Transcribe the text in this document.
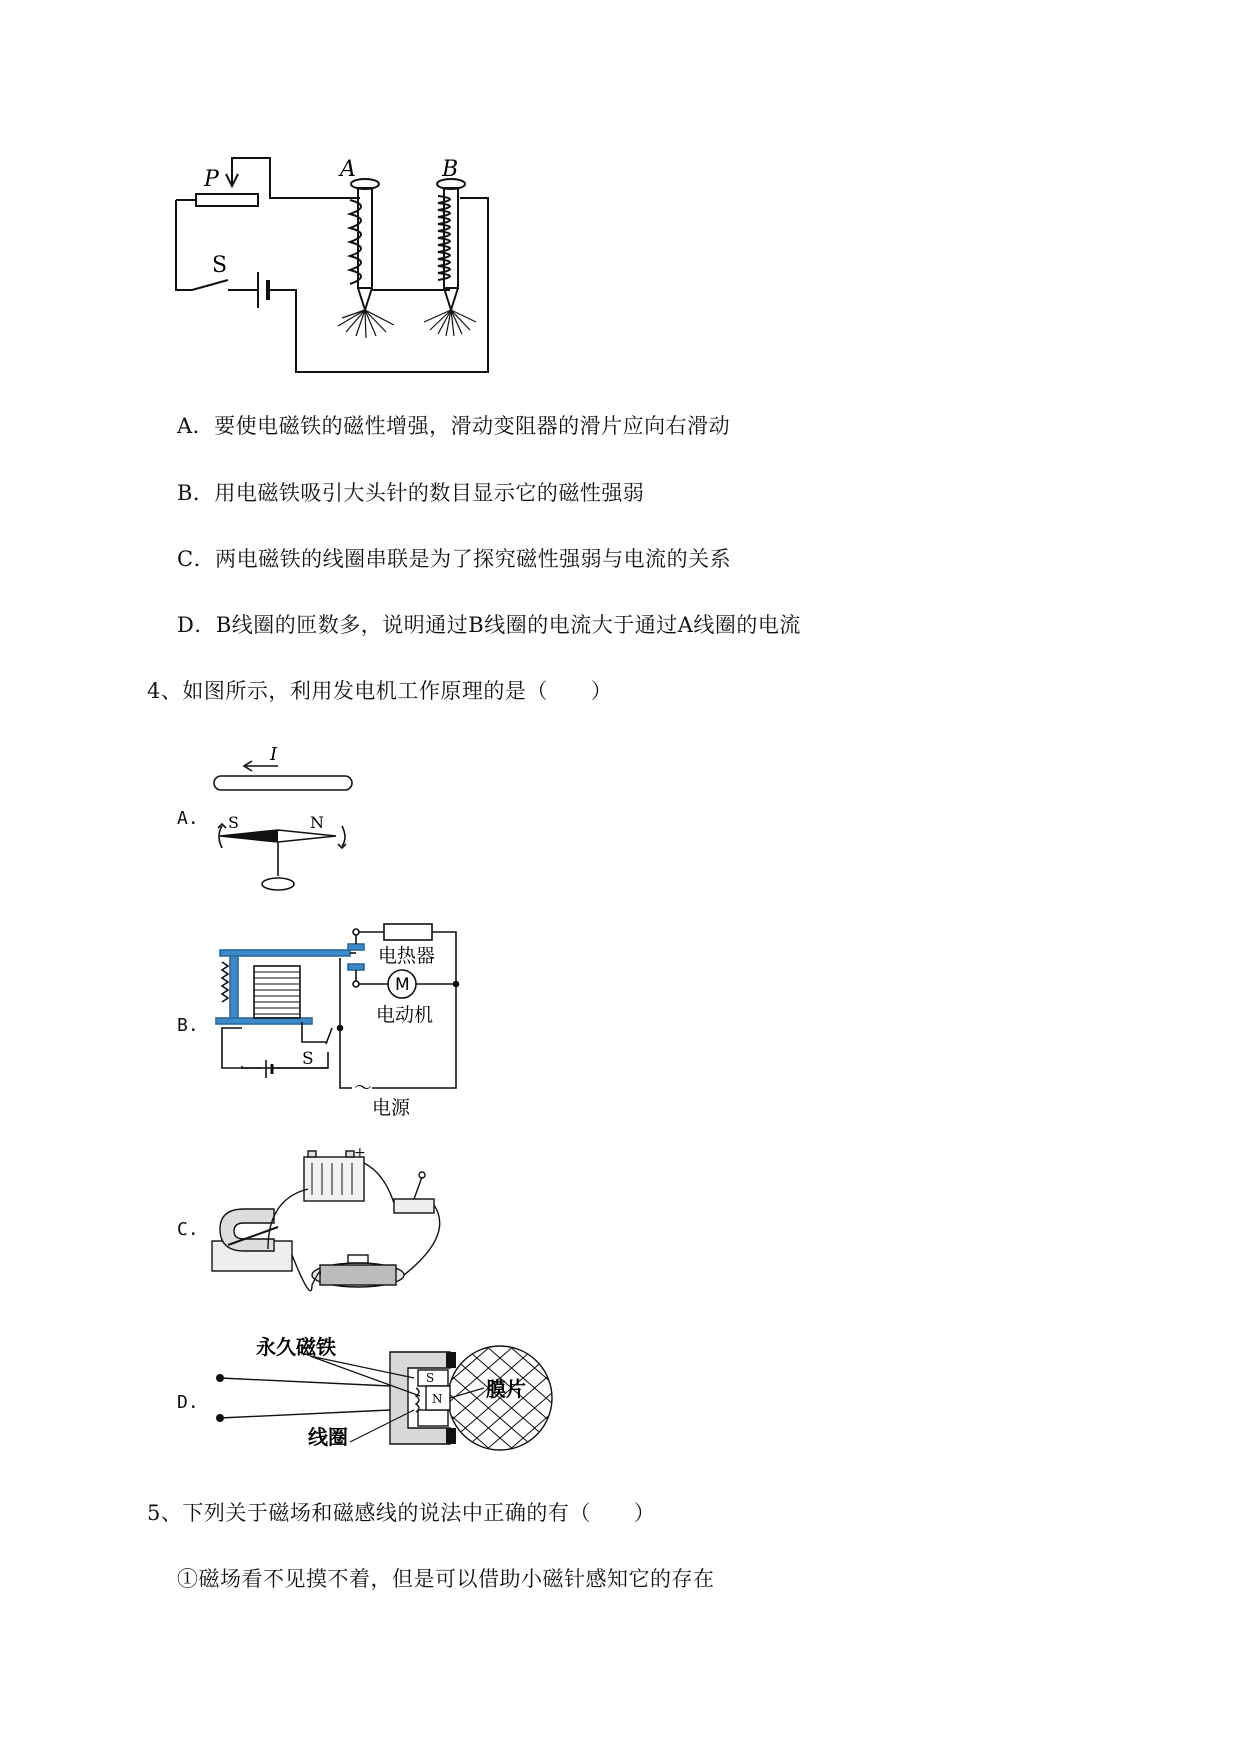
P	A	B
S
A．要使电磁铁的磁性增强，滑动变阻器的滑片应向右滑动
B．用电磁铁吸引大头针的数目显示它的磁性强弱
C．两电磁铁的线圈串联是为了探究磁性强弱与电流的关系
D．B线圈的匝数多，说明通过B线圈的电流大于通过A线圈的电流
4、如图所示，利用发电机工作原理的是（　　）
A.
I
S	N
B.
电热器
M
电动机
S
～
电源
C.
+
D.
永久磁铁
膜片
线圈
S
N
5、下列关于磁场和磁感线的说法中正确的有（　　）
①磁场看不见摸不着，但是可以借助小磁针感知它的存在
